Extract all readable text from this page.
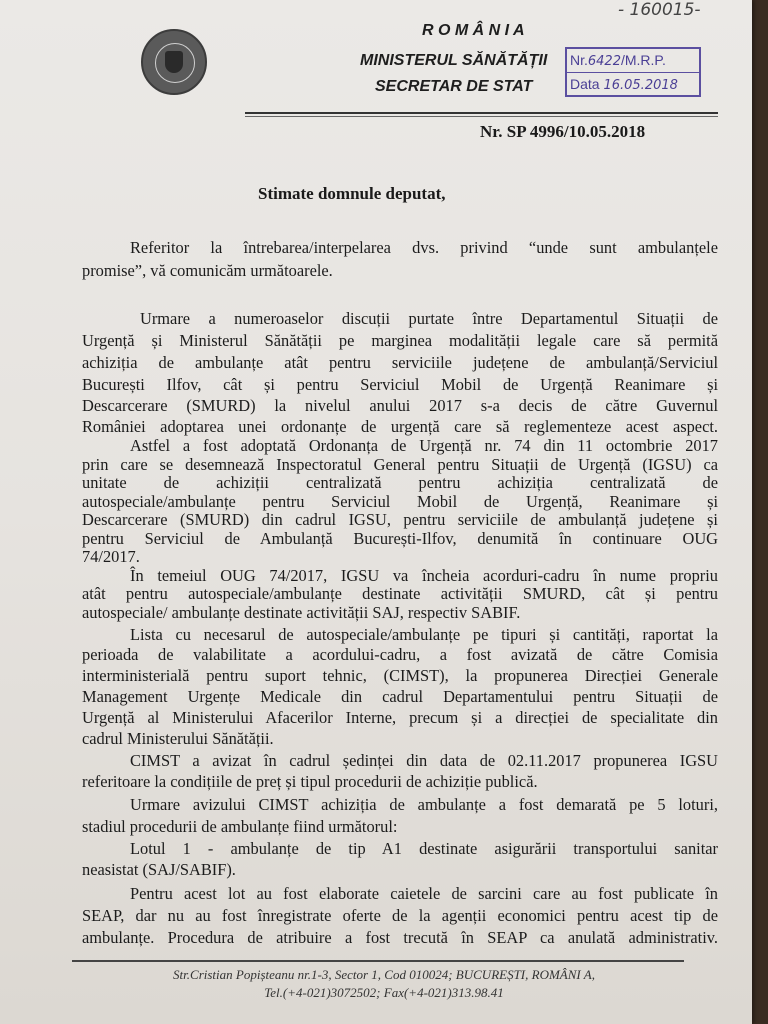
- 160015-
R O M Â N I A
MINISTERUL SĂNĂTĂȚII
SECRETAR DE STAT
Nr.6422/M.R.P.
Data 16.05.2018
Nr. SP 4996/10.05.2018
Stimate domnule deputat,
Referitor la întrebarea/interpelarea dvs. privind “unde sunt ambulanțele
promise”, vă comunicăm următoarele.
Urmare a numeroaselor discuții purtate între Departamentul Situații de
Urgență și Ministerul Sănătății pe marginea modalității legale care să permită
achiziția de ambulanțe atât pentru serviciile județene de ambulanță/Serviciul
București Ilfov, cât și pentru Serviciul Mobil de Urgență Reanimare și
Descarcerare (SMURD) la nivelul anului 2017 s-a decis de către Guvernul
României adoptarea unei ordonanțe de urgență care să reglementeze acest aspect.
Astfel a fost adoptată Ordonanța de Urgență nr. 74 din 11 octombrie 2017
prin care se desemnează Inspectoratul General pentru Situații de Urgență (IGSU) ca
unitate de achiziții centralizată pentru achiziția centralizată de
autospeciale/ambulanțe pentru Serviciul Mobil de Urgență, Reanimare și
Descarcerare (SMURD) din cadrul IGSU, pentru serviciile de ambulanță județene și
pentru Serviciul de Ambulanță București-Ilfov, denumită în continuare OUG
74/2017.
În temeiul OUG 74/2017, IGSU va încheia acorduri-cadru în nume propriu
atât pentru autospeciale/ambulanțe destinate activității SMURD, cât și pentru
autospeciale/ ambulanțe destinate activității SAJ, respectiv SABIF.
Lista cu necesarul de autospeciale/ambulanțe pe tipuri și cantități, raportat la
perioada de valabilitate a acordului-cadru, a fost avizată de către Comisia
interministerială pentru suport tehnic, (CIMST), la propunerea Direcției Generale
Management Urgențe Medicale din cadrul Departamentului pentru Situații de
Urgență al Ministerului Afacerilor Interne, precum și a direcției de specialitate din
cadrul Ministerului Sănătății.
CIMST a avizat în cadrul ședinței din data de 02.11.2017 propunerea IGSU
referitoare la condițiile de preț și tipul procedurii de achiziție publică.
Urmare avizului CIMST achiziția de ambulanțe a fost demarată pe 5 loturi,
stadiul procedurii de ambulanțe fiind următorul:
Lotul 1 - ambulanțe de tip A1 destinate asigurării transportului sanitar
neasistat (SAJ/SABIF).
Pentru acest lot au fost elaborate caietele de sarcini care au fost publicate în
SEAP, dar nu au fost înregistrate oferte de la agenții economici pentru acest tip de
ambulanțe. Procedura de atribuire a fost trecută în SEAP ca anulată administrativ.
Str.Cristian Popișteanu nr.1-3, Sector 1, Cod 010024; BUCUREȘTI, ROMÂNI A,
Tel.(+4-021)3072502; Fax(+4-021)313.98.41
